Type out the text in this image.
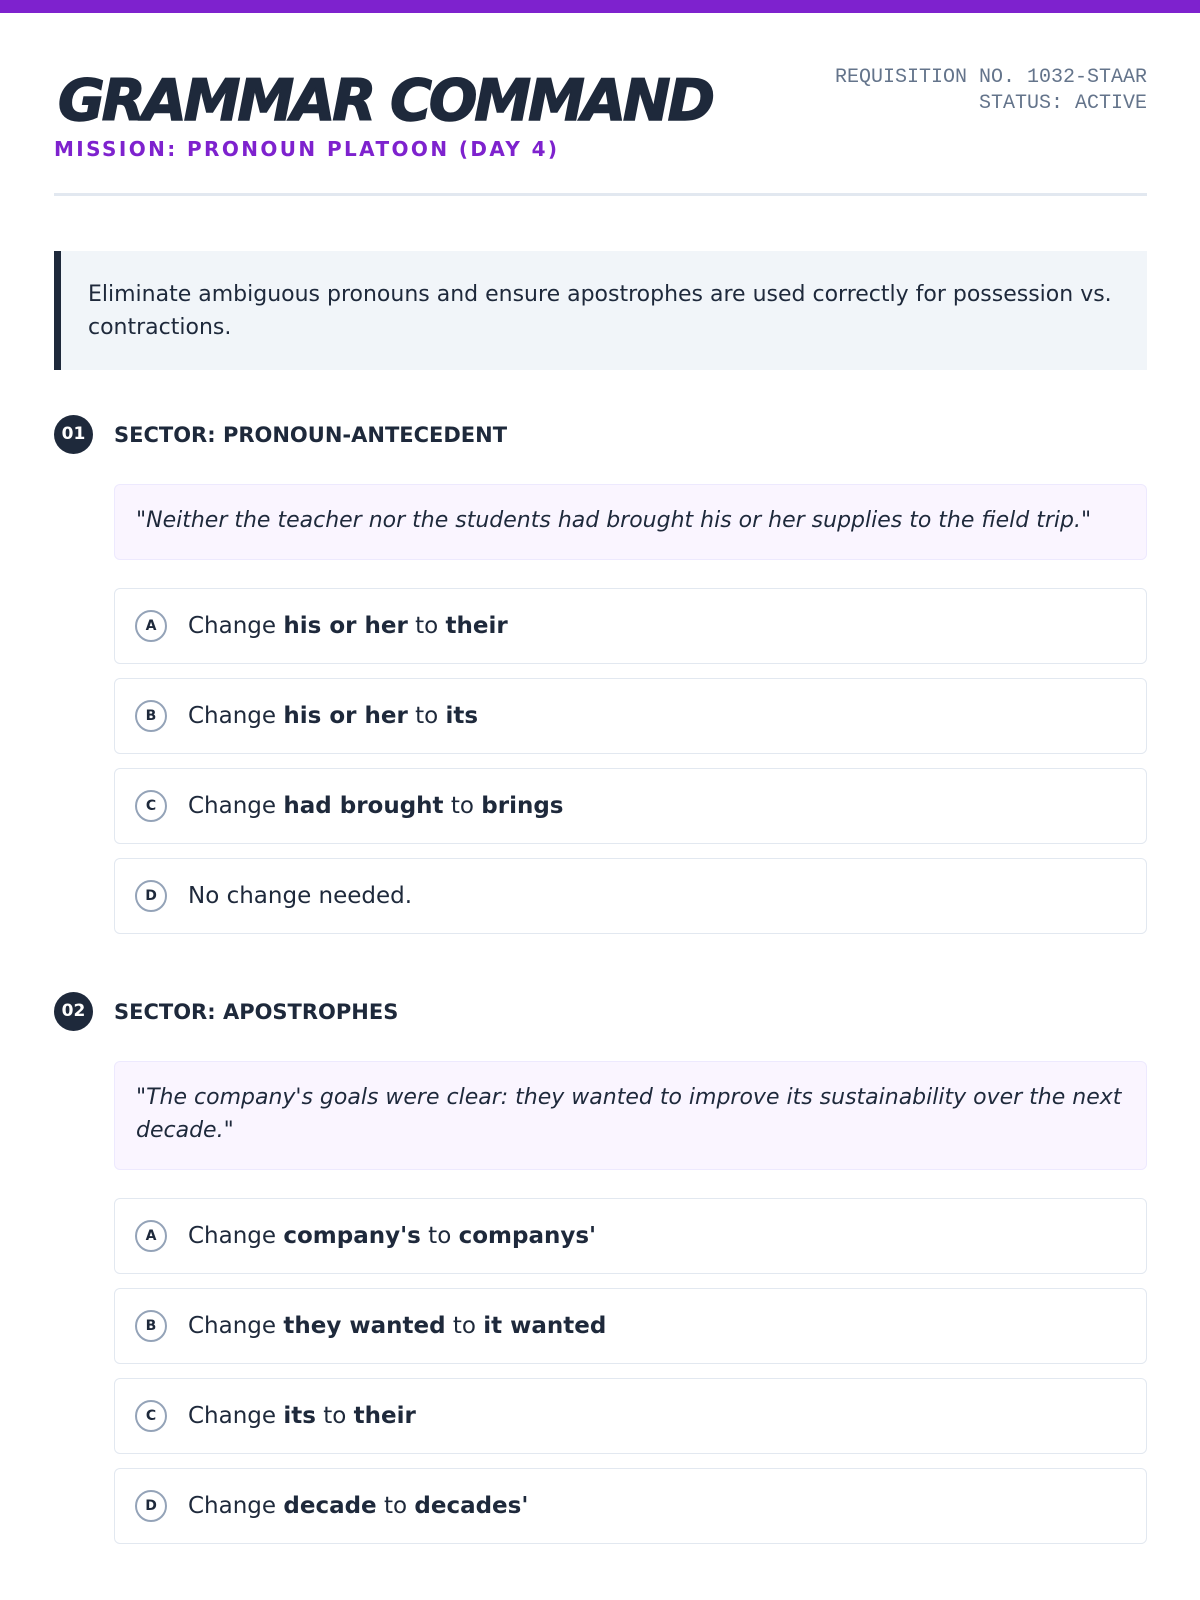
GRAMMAR COMMAND
MISSION: PRONOUN PLATOON (DAY 4)
REQUISITION NO. 1032-STAAR
STATUS: ACTIVE
Eliminate ambiguous pronouns and ensure apostrophes are used correctly for possession vs. contractions.
01	SECTOR: PRONOUN-ANTECEDENT
"Neither the teacher nor the students had brought his or her supplies to the field trip."
A	Change his or her to their
B	Change his or her to its
C	Change had brought to brings
D	No change needed.
02	SECTOR: APOSTROPHES
"The company's goals were clear: they wanted to improve its sustainability over the next decade."
A	Change company's to companys'
B	Change they wanted to it wanted
C	Change its to their
D	Change decade to decades'
